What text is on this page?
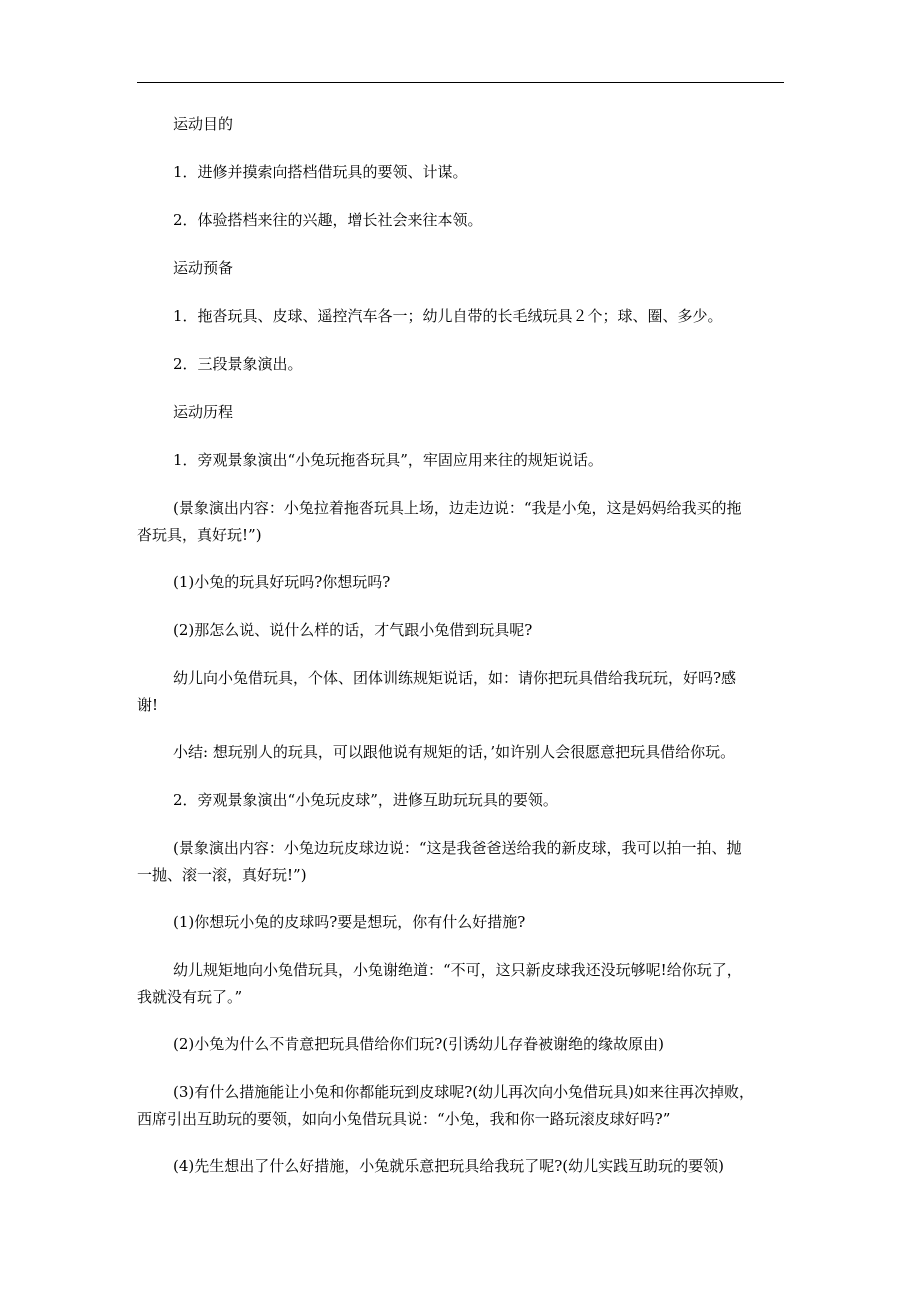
运动目的

1．进修并摸索向搭档借玩具的要领、计谋。

2．体验搭档来往的兴趣，增长社会来往本领。

运动预备

1．拖沓玩具、皮球、遥控汽车各一；幼儿自带的长毛绒玩具２个；球、圈、多少。

2．三段景象演出。

运动历程

1．旁观景象演出“小兔玩拖沓玩具”，牢固应用来往的规矩说话。

(景象演出内容：小兔拉着拖沓玩具上场，边走边说：“我是小兔，这是妈妈给我买的拖

沓玩具，真好玩!”)

(1)小兔的玩具好玩吗?你想玩吗?

(2)那怎么说、说什么样的话，才气跟小兔借到玩具呢?

幼儿向小兔借玩具，个体、团体训练规矩说话，如：请你把玩具借给我玩玩，好吗?感

谢!

小结: 想玩别人的玩具，可以跟他说有规矩的话，’如许别人会很愿意把玩具借给你玩。

2．旁观景象演出“小兔玩皮球”，进修互助玩玩具的要领。

(景象演出内容：小兔边玩皮球边说：“这是我爸爸送给我的新皮球，我可以拍一拍、抛

一抛、滚一滚，真好玩!”)

(1)你想玩小兔的皮球吗?要是想玩，你有什么好措施?

幼儿规矩地向小兔借玩具，小兔谢绝道：“不可，这只新皮球我还没玩够呢!给你玩了，

我就没有玩了。”

(2)小兔为什么不肯意把玩具借给你们玩?(引诱幼儿存眷被谢绝的缘故原由)

(3)有什么措施能让小兔和你都能玩到皮球呢?(幼儿再次向小兔借玩具)如来往再次掉败，

西席引出互助玩的要领，如向小兔借玩具说：“小兔，我和你一路玩滚皮球好吗?”

(4)先生想出了什么好措施，小兔就乐意把玩具给我玩了呢?(幼儿实践互助玩的要领)
